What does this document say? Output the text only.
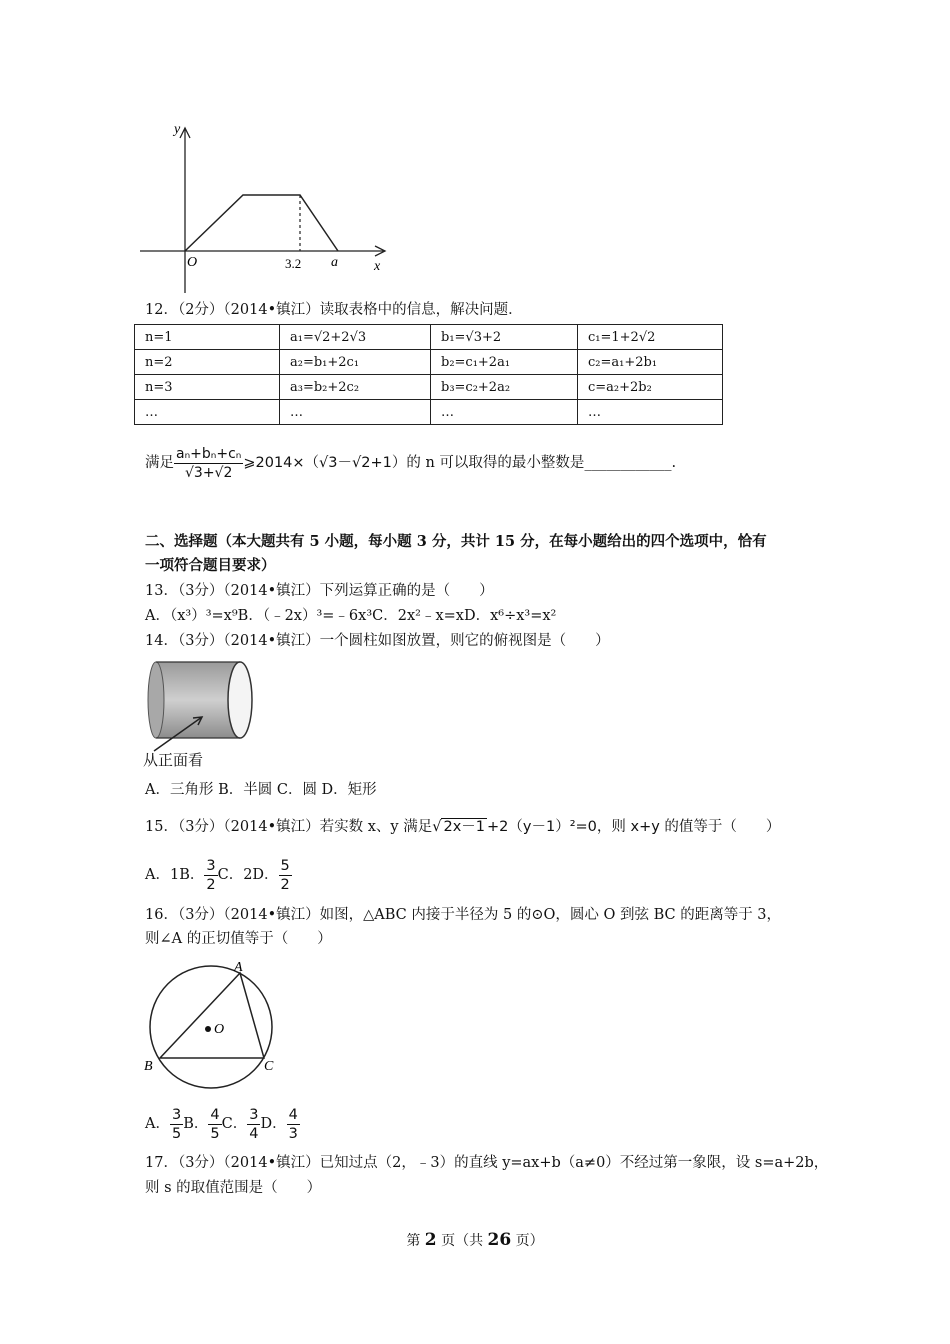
y
x
O	3.2 a
12．（2分）（2014•镇江）读取表格中的信息，解决问题．
n=1	a₁=√2+2√3	b₁=√3+2	c₁=1+2√2
n=2	a₂=b₁+2c₁	b₂=c₁+2a₁	c₂=a₁+2b₁
n=3	a₃=b₂+2c₂	b₃=c₂+2a₂	c=a₂+2b₂
…	…	…	…
满足 $\frac{\text{aₙ+bₙ+cₙ}}{√3+√2}$ ⩾2014×（√3－√2+1）的 n 可以取得的最小整数是____________.
二、选择题（本大题共有 5 小题，每小题 3 分，共计 15 分，在每小题给出的四个选项中，恰有
一项符合题目要求）
13．（3分）（2014•镇江）下列运算正确的是（　　）
A．（x³）³=x⁹B．（﹣2x）³=﹣6x³C．2x²﹣x=xD．x⁶÷x³=x²
14．（3分）（2014•镇江）一个圆柱如图放置，则它的俯视图是（　　）
从正面看
A．三角形 B．半圆 C．圆 D．矩形
15．（3分）（2014•镇江）若实数 x、y 满足√ 2x－1 +2（y－1）²=0，则 x+y 的值等于（　　）
A．1B． $\frac{3}{2}$ C．2D． $\frac{5}{2}$
16．（3分）（2014•镇江）如图，△ABC 内接于半径为 5 的⊙O，圆心 O 到弦 BC 的距离等于 3，
则∠A 的正切值等于（　　）
A
B	C
O
A． $\frac{3}{5}$ B． $\frac{4}{5}$ C． $\frac{3}{4}$ D． $\frac{4}{3}$
17．（3分）（2014•镇江）已知过点（2，﹣3）的直线 y=ax+b（a≠0）不经过第一象限，设 s=a+2b，
则 s 的取值范围是（　　）
第 2 页（共 26 页）
